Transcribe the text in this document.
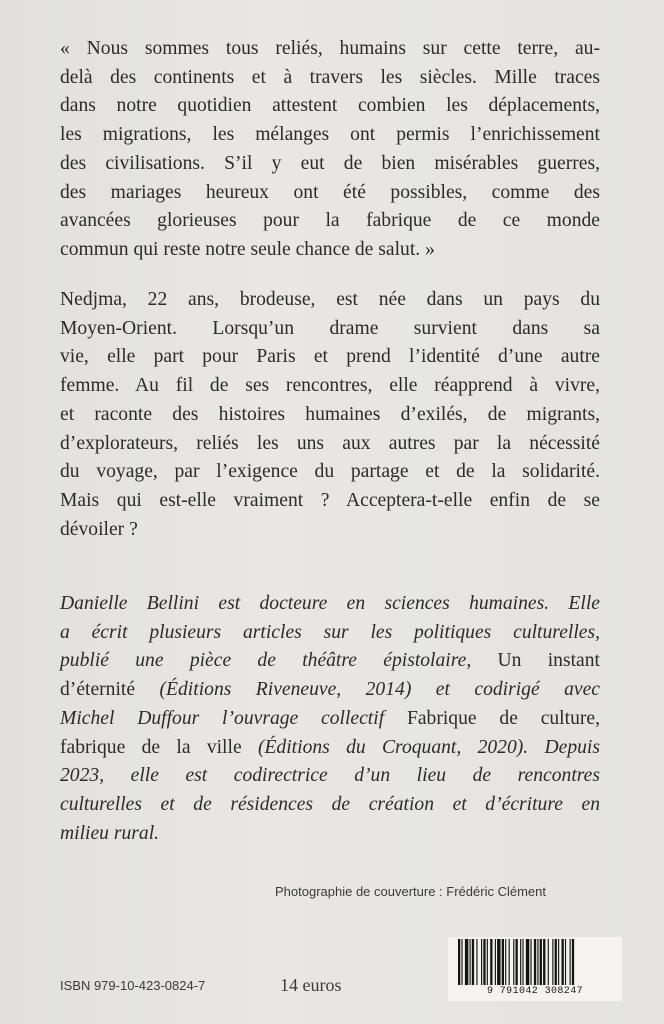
« Nous sommes tous reliés, humains sur cette terre, au-
delà des continents et à travers les siècles. Mille traces
dans notre quotidien attestent combien les déplacements,
les migrations, les mélanges ont permis l’enrichissement
des civilisations. S’il y eut de bien misérables guerres,
des mariages heureux ont été possibles, comme des
avancées glorieuses pour la fabrique de ce monde
commun qui reste notre seule chance de salut. »
Nedjma, 22 ans, brodeuse, est née dans un pays du
Moyen-Orient. Lorsqu’un drame survient dans sa
vie, elle part pour Paris et prend l’identité d’une autre
femme. Au fil de ses rencontres, elle réapprend à vivre,
et raconte des histoires humaines d’exilés, de migrants,
d’explorateurs, reliés les uns aux autres par la nécessité
du voyage, par l’exigence du partage et de la solidarité.
Mais qui est-elle vraiment ? Acceptera-t-elle enfin de se
dévoiler ?
Danielle Bellini est docteure en sciences humaines. Elle
a écrit plusieurs articles sur les politiques culturelles,
publié une pièce de théâtre épistolaire, Un instant
d’éternité (Éditions Riveneuve, 2014) et codirigé avec
Michel Duffour l’ouvrage collectif Fabrique de culture,
fabrique de la ville (Éditions du Croquant, 2020). Depuis
2023, elle est codirectrice d’un lieu de rencontres
culturelles et de résidences de création et d’écriture en
milieu rural.
Photographie de couverture : Frédéric Clément
ISBN 979-10-423-0824-7	14 euros	9 791042 308247
